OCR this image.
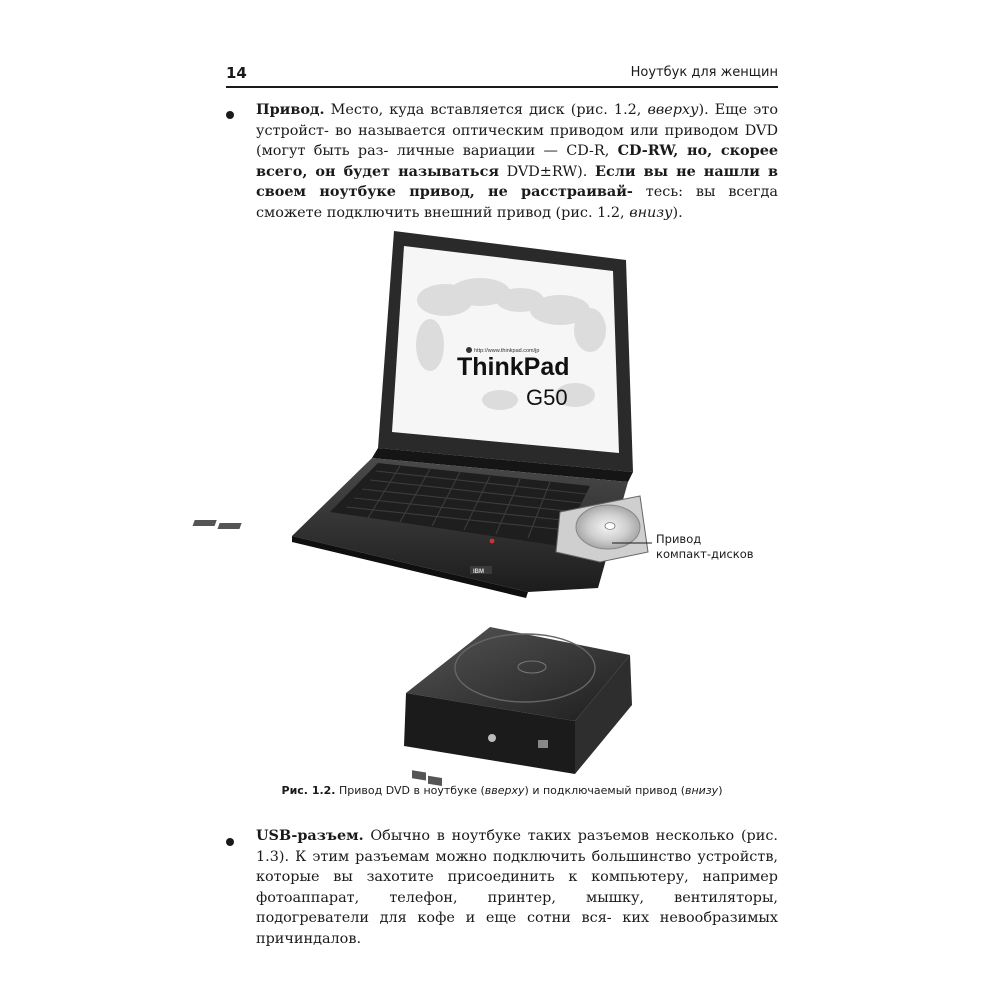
14	Ноутбук для женщин

Привод. Место, куда вставляется диск (рис. 1.2, вверху). Еще это устройст- во называется оптическим приводом или приводом DVD (могут быть раз- личные вариации — CD-R, CD-RW, но, скорее всего, он будет называться DVD±RW). Если вы не нашли в своем ноутбуке привод, не расстраивай- тесь: вы всегда сможете подключить внешний привод (рис. 1.2, внизу).

http://www.thinkpad.com/jp
ThinkPad
G50
IBM
Привод
компакт-дисков
Рис. 1.2. Привод DVD в ноутбуке (вверху) и подключаемый привод (внизу)

USB-разъем. Обычно в ноутбуке таких разъемов несколько (рис. 1.3). К этим разъемам можно подключить большинство устройств, которые вы захотите присоединить к компьютеру, например фотоаппарат, телефон, принтер, мышку, вентиляторы, подогреватели для кофе и еще сотни вся- ких невообразимых причиндалов.
